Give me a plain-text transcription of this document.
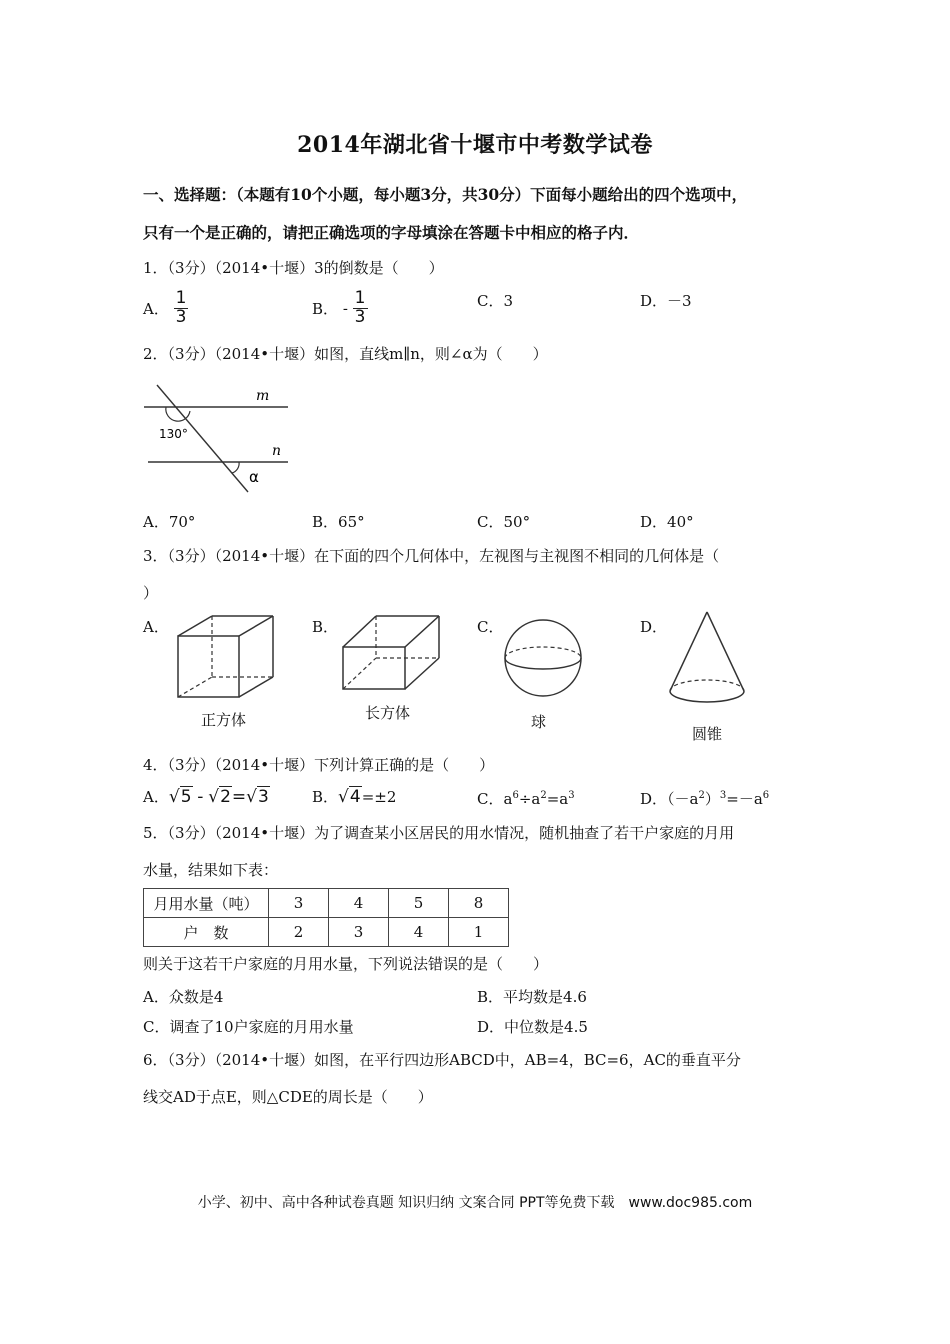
2014年湖北省十堰市中考数学试卷
一、选择题：（本题有10个小题，每小题3分，共30分）下面每小题给出的四个选项中，
只有一个是正确的，请把正确选项的字母填涂在答题卡中相应的格子内．
1．（3分）（2014•十堰）3的倒数是（　　）
A． $\frac{1}{3}$	B． - $\frac{1}{3}$	C．3	D．－3
2．（3分）（2014•十堰）如图，直线m∥n，则∠α为（　　）
m
n
130°
α
A．70°	B．65°	C．50°	D．40°
3．（3分）（2014•十堰）在下面的四个几何体中，左视图与主视图不相同的几何体是（
）
A．
正方体
B．
长方体
C．
球
D．
圆锥
4．（3分）（2014•十堰）下列计算正确的是（　　）
A．√5 - √2=√3	B．√4=±2	C．$a^6\div a^2=a^3$	D．$(-a^2)^3=-a^6$
5．（3分）（2014•十堰）为了调查某小区居民的用水情况，随机抽查了若干户家庭的月用
水量，结果如下表：
月用水量（吨）	3	4	5	8
户　数	2	3	4	1
则关于这若干户家庭的月用水量，下列说法错误的是（　　）
A．众数是4	B．平均数是4.6
C．调查了10户家庭的月用水量	D．中位数是4.5
6．（3分）（2014•十堰）如图，在平行四边形ABCD中，AB=4，BC=6，AC的垂直平分
线交AD于点E，则△CDE的周长是（　　）
小学、初中、高中各种试卷真题 知识归纳 文案合同 PPT等免费下载　www.doc985.com
